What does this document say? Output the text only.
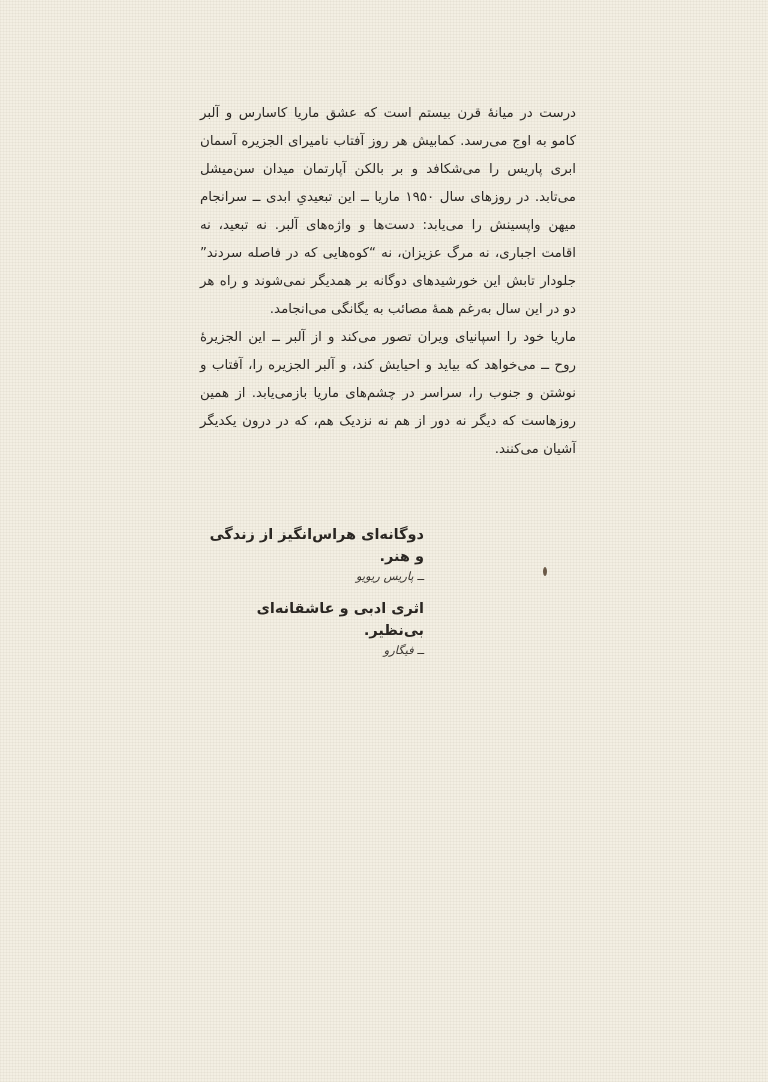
درست در میانهٔ قرن بیستم است که عشق ماریا کاسارس و آلبر کامو به اوج می‌رسد. کمابیش هر روز آفتاب نامیرای الجزیره آسمان ابری پاریس را می‌شکافد و بر بالکن آپارتمان میدان سن‌میشل می‌تابد. در روزهای سال ۱۹۵۰ ماریا ــ این تبعیدیِ ابدی ــ سرانجام میهن واپسینش را می‌یابد: دست‌ها و واژه‌های آلبر. نه تبعید، نه اقامت اجباری، نه مرگ عزیزان، نه “کوه‌هایی که در فاصله سردند” جلودار تابش این خورشیدهای دوگانه بر همدیگر نمی‌شوند و راه هر دو در این سال به‌رغم همهٔ مصائب به یگانگی می‌انجامد.

ماریا خود را اسپانیای ویران تصور می‌کند و از آلبر ــ این الجزیرهٔ روح ــ می‌خواهد که بیاید و احیایش کند، و آلبر الجزیره را، آفتاب و نوشتن و جنوب را، سراسر در چشم‌های ماریا بازمی‌یابد. از همین روزهاست که دیگر نه دور از هم نه نزدیک هم، که در درون یکدیگر آشیان می‌کنند.

دوگانه‌ای هراس‌انگیز از زندگی و هنر.
ــ پاریس ریویو
اثری ادبی و عاشقانه‌ای بی‌نظیر.
ــ فیگارو
